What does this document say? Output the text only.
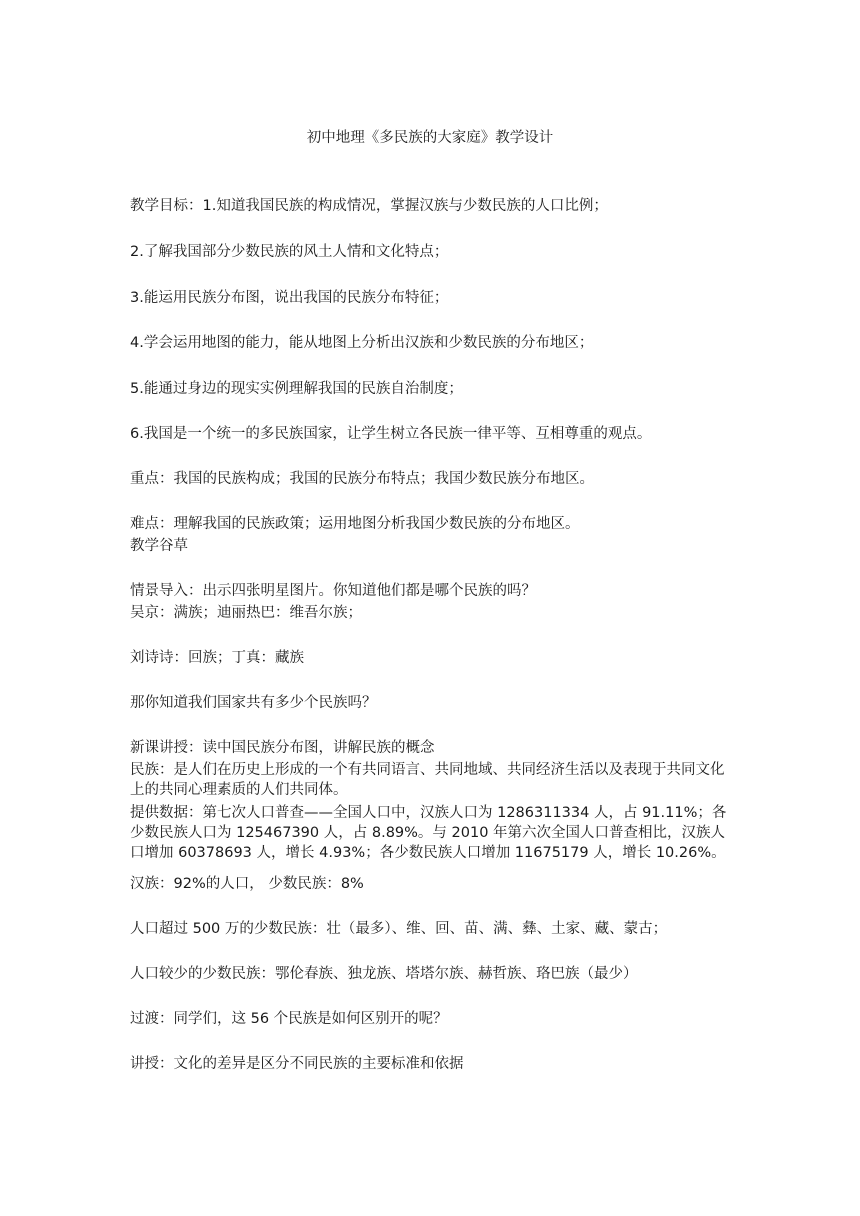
初中地理《多民族的大家庭》教学设计
教学目标：1.知道我国民族的构成情况，掌握汉族与少数民族的人口比例；
2.了解我国部分少数民族的风土人情和文化特点；
3.能运用民族分布图，说出我国的民族分布特征；
4.学会运用地图的能力，能从地图上分析出汉族和少数民族的分布地区；
5.能通过身边的现实实例理解我国的民族自治制度；
6.我国是一个统一的多民族国家，让学生树立各民族一律平等、互相尊重的观点。
重点：我国的民族构成；我国的民族分布特点；我国少数民族分布地区。
难点：理解我国的民族政策；运用地图分析我国少数民族的分布地区。
教学谷草
情景导入：出示四张明星图片。你知道他们都是哪个民族的吗？
吴京：满族；迪丽热巴：维吾尔族；
刘诗诗：回族；丁真：藏族
那你知道我们国家共有多少个民族吗？
新课讲授：读中国民族分布图，讲解民族的概念
民族：是人们在历史上形成的一个有共同语言、共同地域、共同经济生活以及表现于共同文化上的共同心理素质的人们共同体。
提供数据：第七次人口普查——全国人口中，汉族人口为 1286311334 人，占 91.11%；各少数民族人口为 125467390 人，占 8.89%。与 2010 年第六次全国人口普查相比，汉族人口增加 60378693 人，增长 4.93%；各少数民族人口增加 11675179 人，增长 10.26%。
汉族：92%的人口， 少数民族：8%
人口超过 500 万的少数民族：壮（最多）、维、回、苗、满、彝、土家、藏、蒙古；
人口较少的少数民族：鄂伦春族、独龙族、塔塔尔族、赫哲族、珞巴族（最少）
过渡：同学们，这 56 个民族是如何区别开的呢？
讲授：文化的差异是区分不同民族的主要标准和依据
